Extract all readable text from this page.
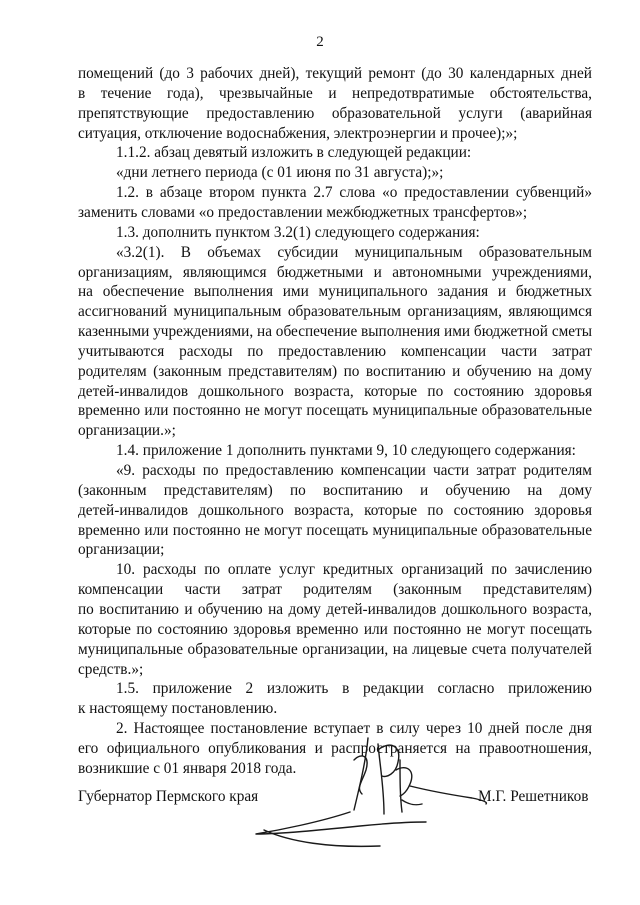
2
помещений (до 3 рабочих дней), текущий ремонт (до 30 календарных дней
в течение года), чрезвычайные и непредотвратимые обстоятельства,
препятствующие предоставлению образовательной услуги (аварийная
ситуация, отключение водоснабжения, электроэнергии и прочее);»;
1.1.2. абзац девятый изложить в следующей редакции:
«дни летнего периода (с 01 июня по 31 августа);»;
1.2. в абзаце втором пункта 2.7 слова «о предоставлении субвенций»
заменить словами «о предоставлении межбюджетных трансфертов»;
1.3. дополнить пунктом 3.2(1) следующего содержания:
«3.2(1). В объемах субсидии муниципальным образовательным
организациям, являющимся бюджетными и автономными учреждениями,
на обеспечение выполнения ими муниципального задания и бюджетных
ассигнований муниципальным образовательным организациям, являющимся
казенными учреждениями, на обеспечение выполнения ими бюджетной сметы
учитываются расходы по предоставлению компенсации части затрат
родителям (законным представителям) по воспитанию и обучению на дому
детей-инвалидов дошкольного возраста, которые по состоянию здоровья
временно или постоянно не могут посещать муниципальные образовательные
организации.»;
1.4. приложение 1 дополнить пунктами 9, 10 следующего содержания:
«9. расходы по предоставлению компенсации части затрат родителям
(законным представителям) по воспитанию и обучению на дому
детей-инвалидов дошкольного возраста, которые по состоянию здоровья
временно или постоянно не могут посещать муниципальные образовательные
организации;
10. расходы по оплате услуг кредитных организаций по зачислению
компенсации части затрат родителям (законным представителям)
по воспитанию и обучению на дому детей-инвалидов дошкольного возраста,
которые по состоянию здоровья временно или постоянно не могут посещать
муниципальные образовательные организации, на лицевые счета получателей
средств.»;
1.5. приложение 2 изложить в редакции согласно приложению
к настоящему постановлению.
2. Настоящее постановление вступает в силу через 10 дней после дня
его официального опубликования и распространяется на правоотношения,
возникшие с 01 января 2018 года.
Губернатор Пермского края	М.Г. Решетников
